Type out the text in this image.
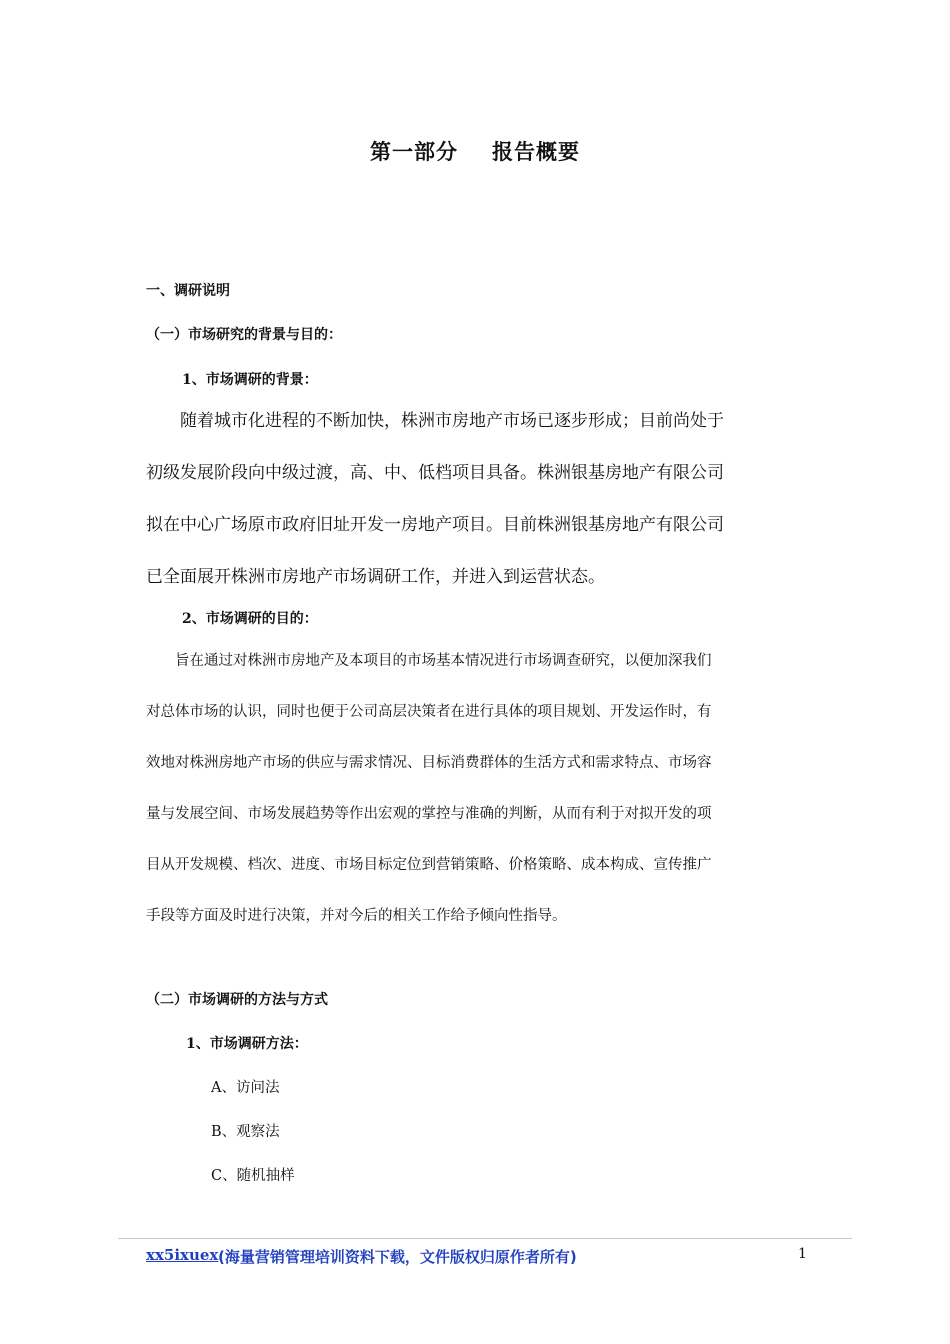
第一部分 报告概要
一、调研说明
（一）市场研究的背景与目的：
1、市场调研的背景：
　　随着城市化进程的不断加快，株洲市房地产市场已逐步形成；目前尚处于
初级发展阶段向中级过渡，高、中、低档项目具备。株洲银基房地产有限公司
拟在中心广场原市政府旧址开发一房地产项目。目前株洲银基房地产有限公司
已全面展开株洲市房地产市场调研工作，并进入到运营状态。
2、市场调研的目的：
　　旨在通过对株洲市房地产及本项目的市场基本情况进行市场调查研究，以便加深我们
对总体市场的认识，同时也便于公司高层决策者在进行具体的项目规划、开发运作时，有
效地对株洲房地产市场的供应与需求情况、目标消费群体的生活方式和需求特点、市场容
量与发展空间、市场发展趋势等作出宏观的掌控与准确的判断，从而有利于对拟开发的项
目从开发规模、档次、进度、市场目标定位到营销策略、价格策略、成本构成、宣传推广
手段等方面及时进行决策，并对今后的相关工作给予倾向性指导。
（二）市场调研的方法与方式
1、市场调研方法：
A、访问法
B、观察法
C、随机抽样
xx5ixuex (海量营销管理培训资料下载，文件版权归原作者所有)	1
